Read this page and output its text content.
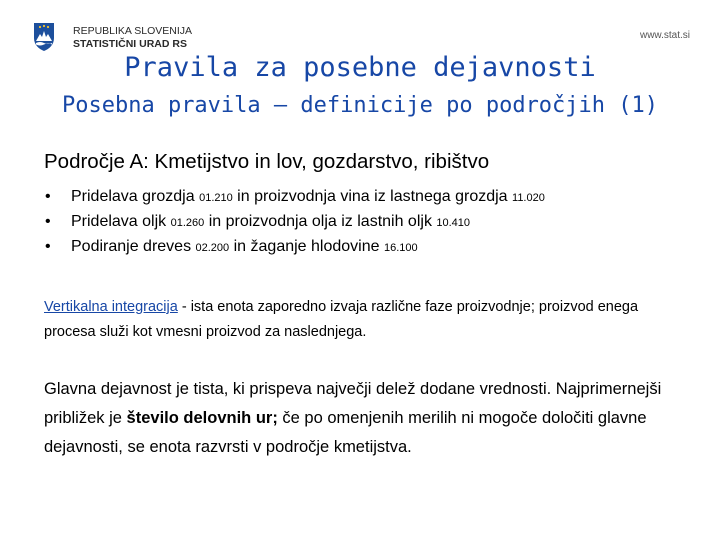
REPUBLIKA SLOVENIJA
STATISTIČNI URAD RS
www.stat.si
Pravila za posebne dejavnosti
Posebna pravila – definicije po področjih (1)
Področje A: Kmetijstvo in lov, gozdarstvo, ribištvo
• Pridelava grozdja 01.210 in proizvodnja vina iz lastnega grozdja 11.020
• Pridelava oljk 01.260 in proizvodnja olja iz lastnih oljk 10.410
• Podiranje dreves 02.200 in žaganje hlodovine 16.100
Vertikalna integracija - ista enota zaporedno izvaja različne faze proizvodnje; proizvod enega procesa služi kot vmesni proizvod za naslednjega.
Glavna dejavnost je tista, ki prispeva največji delež dodane vrednosti. Najprimernejši približek je število delovnih ur; če po omenjenih merilih ni mogoče določiti glavne dejavnosti, se enota razvrsti v področje kmetijstva.
